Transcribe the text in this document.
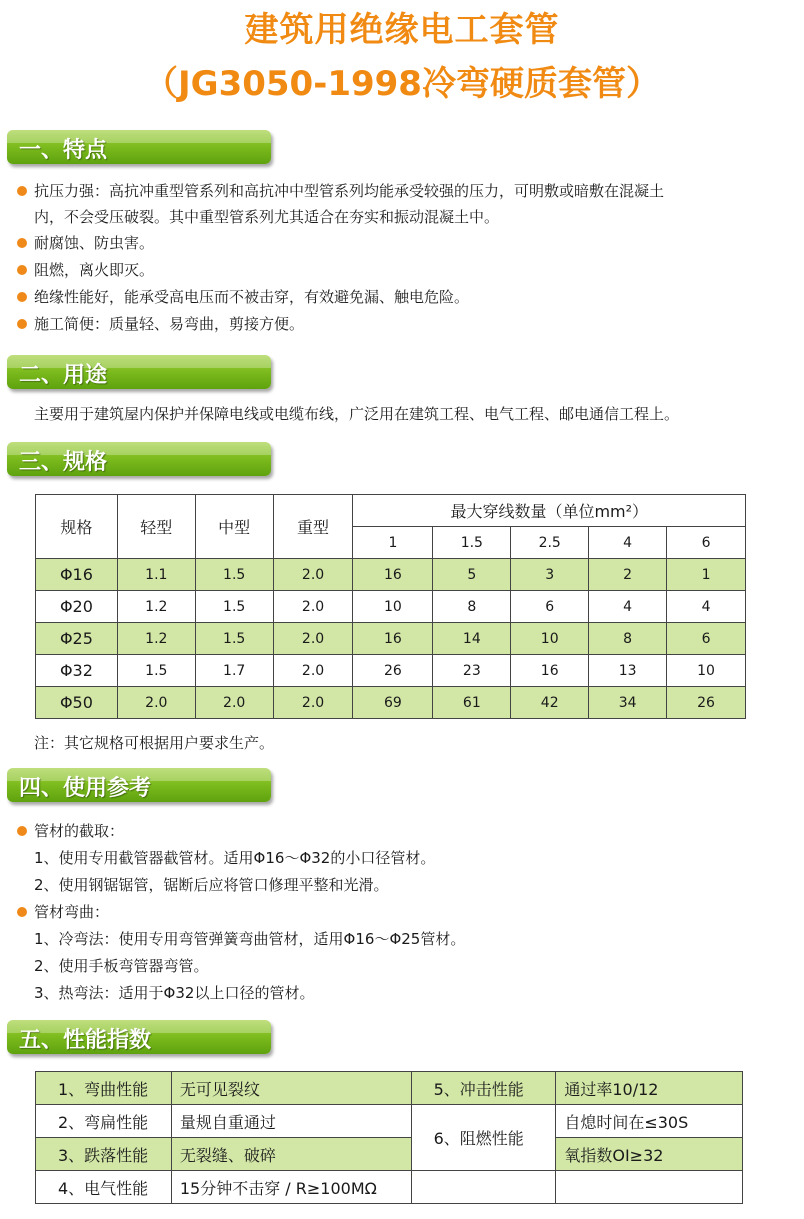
建筑用绝缘电工套管
（JG3050-1998冷弯硬质套管）
一、特点
抗压力强：高抗冲重型管系列和高抗冲中型管系列均能承受较强的压力，可明敷或暗敷在混凝土
内，不会受压破裂。其中重型管系列尤其适合在夯实和振动混凝土中。
耐腐蚀、防虫害。
阻燃，离火即灭。
绝缘性能好，能承受高电压而不被击穿，有效避免漏、触电危险。
施工简便：质量轻、易弯曲，剪接方便。
二、用途
主要用于建筑屋内保护并保障电线或电缆布线，广泛用在建筑工程、电气工程、邮电通信工程上。
三、规格
规格	轻型	中型	重型	最大穿线数量（单位mm²）				
				1	1.5	2.5	4	6
Φ16	1.1	1.5	2.0	16	5	3	2	1
Φ20	1.2	1.5	2.0	10	8	6	4	4
Φ25	1.2	1.5	2.0	16	14	10	8	6
Φ32	1.5	1.7	2.0	26	23	16	13	10
Φ50	2.0	2.0	2.0	69	61	42	34	26
注：其它规格可根据用户要求生产。
四、使用参考
管材的截取：
1、使用专用截管器截管材。适用Φ16～Φ32的小口径管材。
2、使用钢锯锯管，锯断后应将管口修理平整和光滑。
管材弯曲：
1、冷弯法：使用专用弯管弹簧弯曲管材，适用Φ16～Φ25管材。
2、使用手板弯管器弯管。
3、热弯法：适用于Φ32以上口径的管材。
五、性能指数
1、弯曲性能	无可见裂纹	5、冲击性能	通过率10/12
2、弯扁性能	量规自重通过	6、阻燃性能	自熄时间在≤30S
3、跌落性能	无裂缝、破碎		氧指数OI≥32
4、电气性能	15分钟不击穿 / R≥100MΩ		
